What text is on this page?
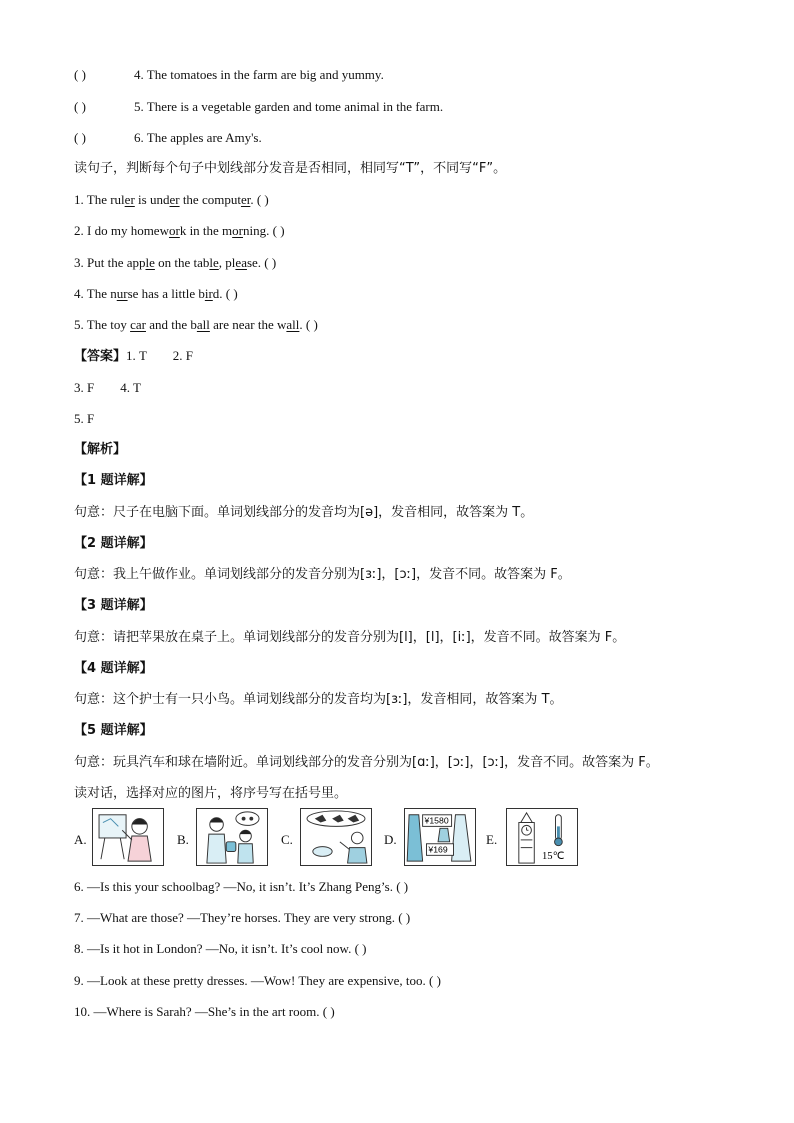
( )	4. The tomatoes in the farm are big and yummy.
( )	5. There is a vegetable garden and tome animal in the farm.
( )	6. The apples are Amy's.
读句子，判断每个句子中划线部分发音是否相同，相同写“T”，不同写“F”。
1. The ruler is under the computer. ( )
2. I do my homework in the morning. ( )
3. Put the apple on the table, please. ( )
4. The nurse has a little bird. ( )
5. The toy car and the ball are near the wall. ( )
【答案】1. T        2. F
3. F        4. T
5. F
【解析】
【1 题详解】
句意：尺子在电脑下面。单词划线部分的发音均为[ə]，发音相同，故答案为 T。
【2 题详解】
句意：我上午做作业。单词划线部分的发音分别为[ɜː]，[ɔː]，发音不同。故答案为 F。
【3 题详解】
句意：请把苹果放在桌子上。单词划线部分的发音分别为[l]，[l]，[iː]，发音不同。故答案为 F。
【4 题详解】
句意：这个护士有一只小鸟。单词划线部分的发音均为[ɜː]，发音相同，故答案为 T。
【5 题详解】
句意：玩具汽车和球在墙附近。单词划线部分的发音分别为[ɑː]，[ɔː]，[ɔː]，发音不同。故答案为 F。
读对话，选择对应的图片，将序号写在括号里。
A.	B.	C.	D.
¥1580
¥169
E.
15℃
6. —Is this your schoolbag? —No, it isn’t. It’s Zhang Peng’s. ( )
7. —What are those? —They’re horses. They are very strong. ( )
8. —Is it hot in London? —No, it isn’t. It’s cool now. ( )
9. —Look at these pretty dresses. —Wow! They are expensive, too. ( )
10. —Where is Sarah? —She’s in the art room. ( )
